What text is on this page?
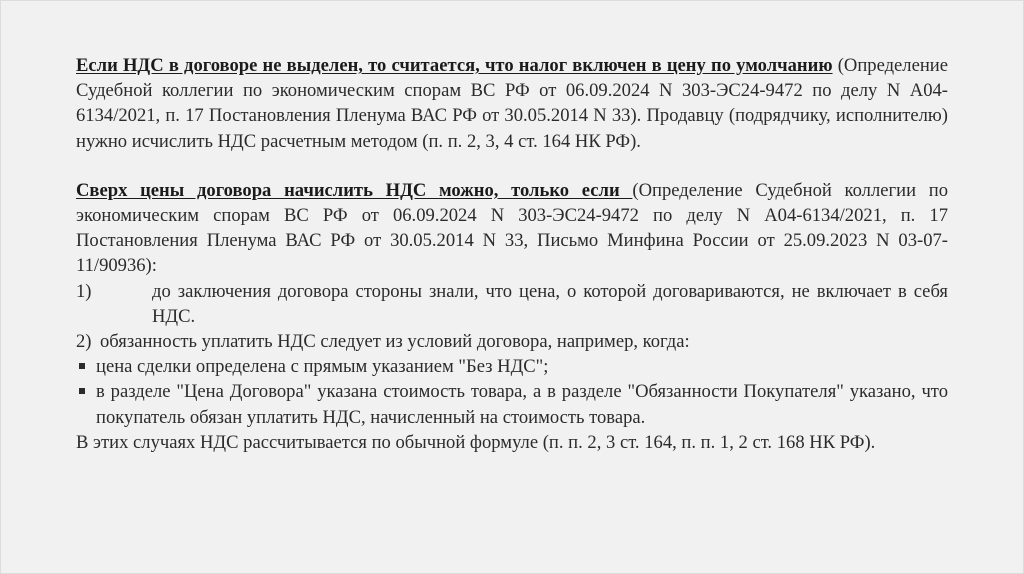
Если НДС в договоре не выделен, то считается, что налог включен в цену по умолчанию (Определение Судебной коллегии по экономическим спорам ВС РФ от 06.09.2024 N 303-ЭС24-9472 по делу N А04-6134/2021, п. 17 Постановления Пленума ВАС РФ от 30.05.2014 N 33). Продавцу (подрядчику, исполнителю) нужно исчислить НДС расчетным методом (п. п. 2, 3, 4 ст. 164 НК РФ).

Сверх цены договора начислить НДС можно, только если (Определение Судебной коллегии по экономическим спорам ВС РФ от 06.09.2024 N 303-ЭС24-9472 по делу N А04-6134/2021, п. 17 Постановления Пленума ВАС РФ от 30.05.2014 N 33, Письмо Минфина России от 25.09.2023 N 03-07-11/90936):

1)	до заключения договора стороны знали, что цена, о которой договариваются, не включает в себя НДС.
2) обязанность уплатить НДС следует из условий договора, например, когда:
цена сделки определена с прямым указанием "Без НДС";
в разделе "Цена Договора" указана стоимость товара, а в разделе "Обязанности Покупателя" указано, что покупатель обязан уплатить НДС, начисленный на стоимость товара.

В этих случаях НДС рассчитывается по обычной формуле (п. п. 2, 3 ст. 164, п. п. 1, 2 ст. 168 НК РФ).
